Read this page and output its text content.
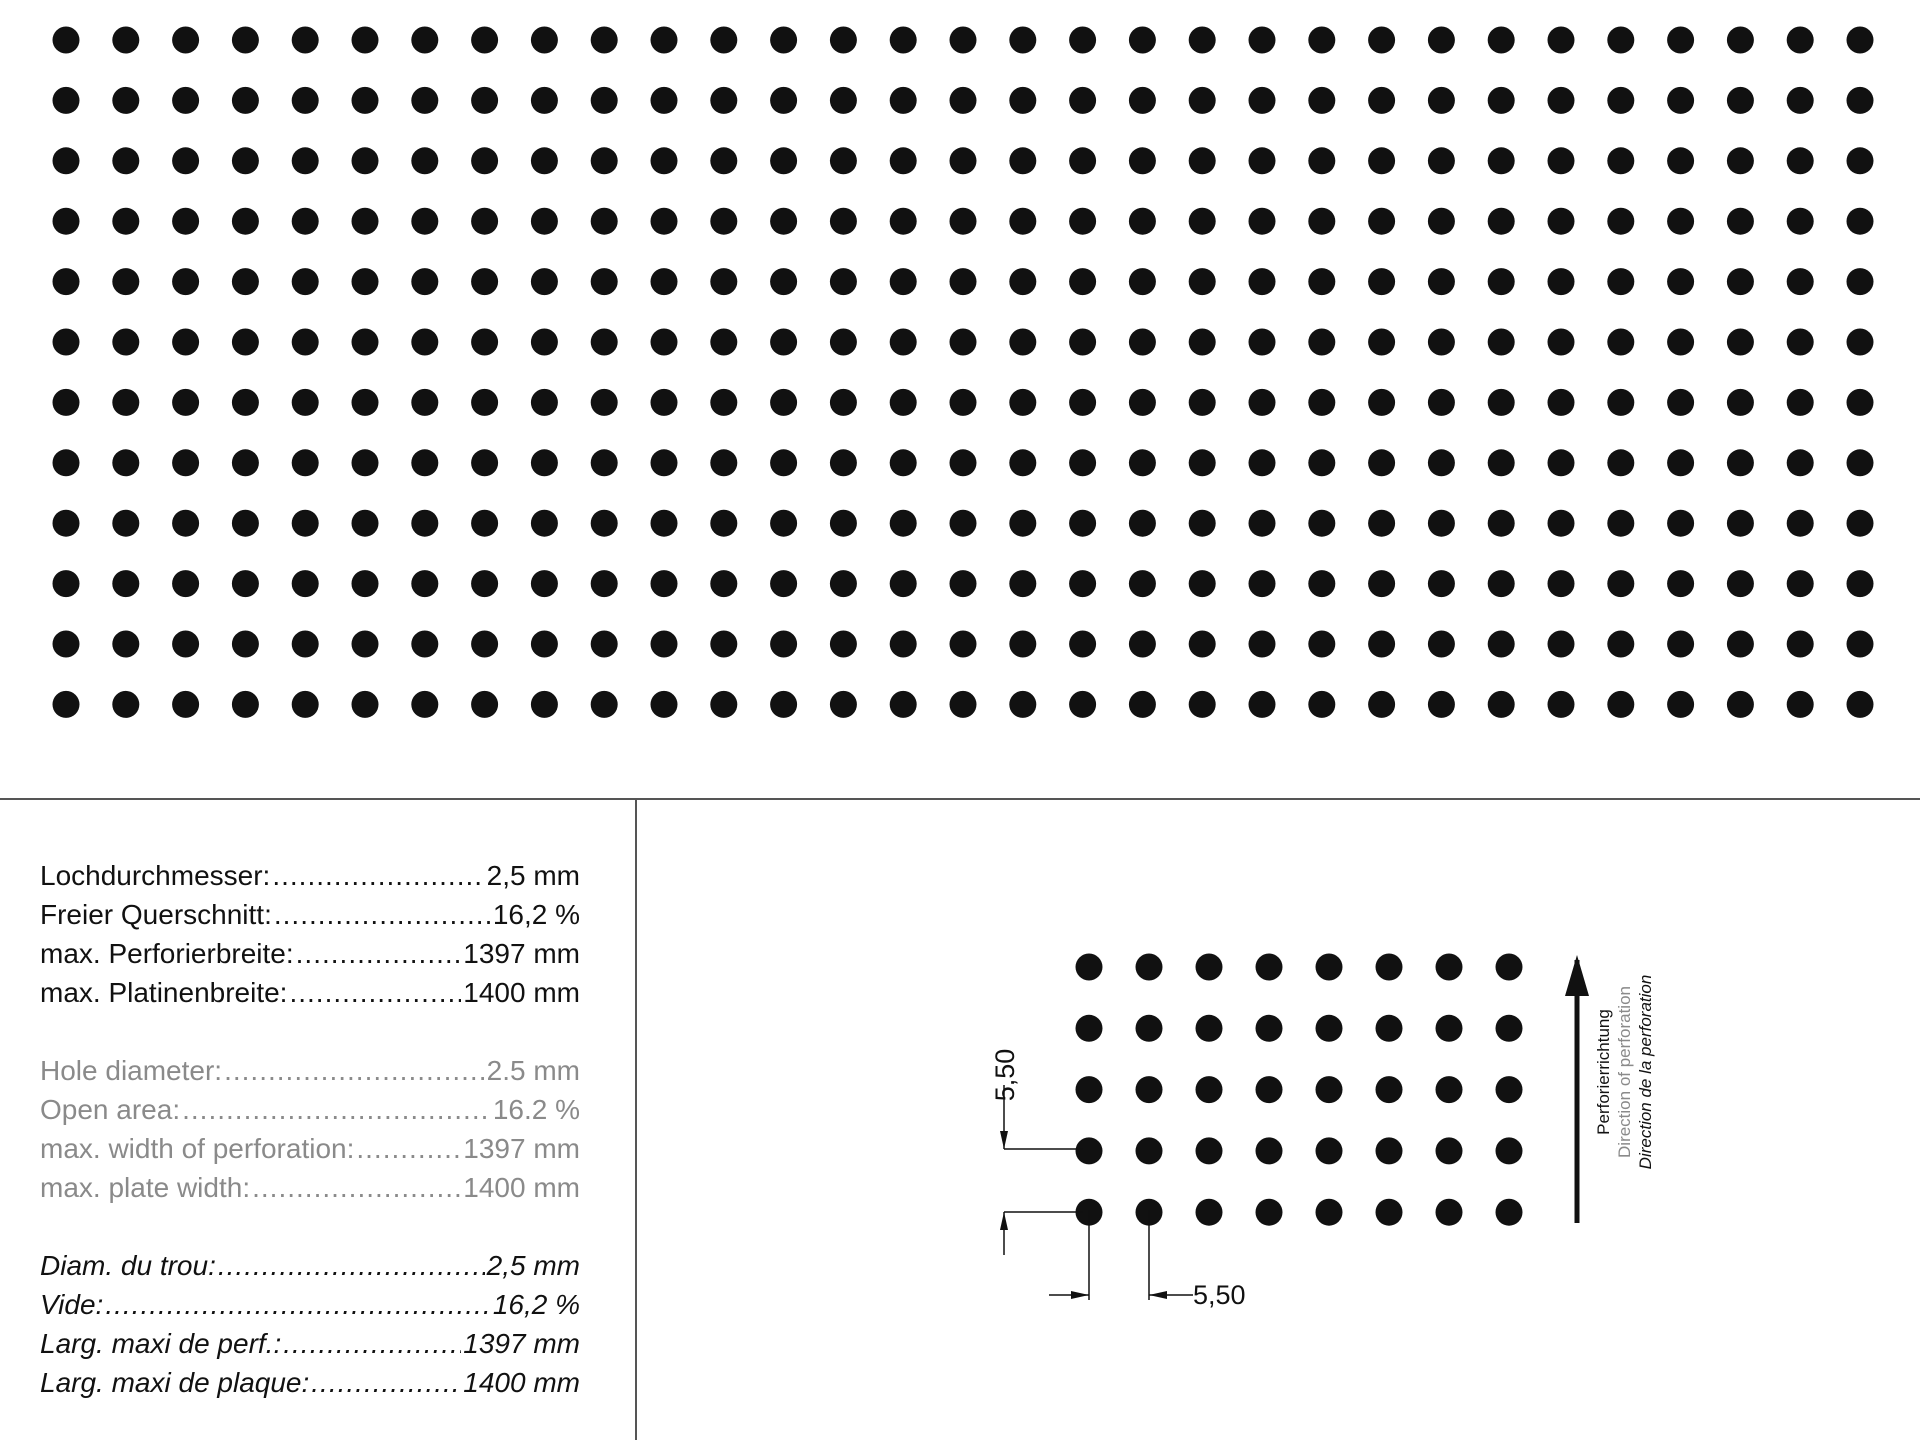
Lochdurchmesser: .....	2,5 mm
Freier Querschnitt: .....	16,2 %
max. Perforierbreite: .....	1397 mm
max. Platinenbreite: .....	1400 mm
Hole diameter: .....	2.5 mm
Open area: .....	16.2 %
max. width of perforation: .....	1397 mm
max. plate width: .....	1400 mm
Diam. du trou: .....	2,5 mm
Vide: .....	16,2 %
Larg. maxi de perf.: .....	1397 mm
Larg. maxi de plaque: .....	1400 mm
5,50
5,50
Perforierrichtung Direction of perforation Direction de la perforation
